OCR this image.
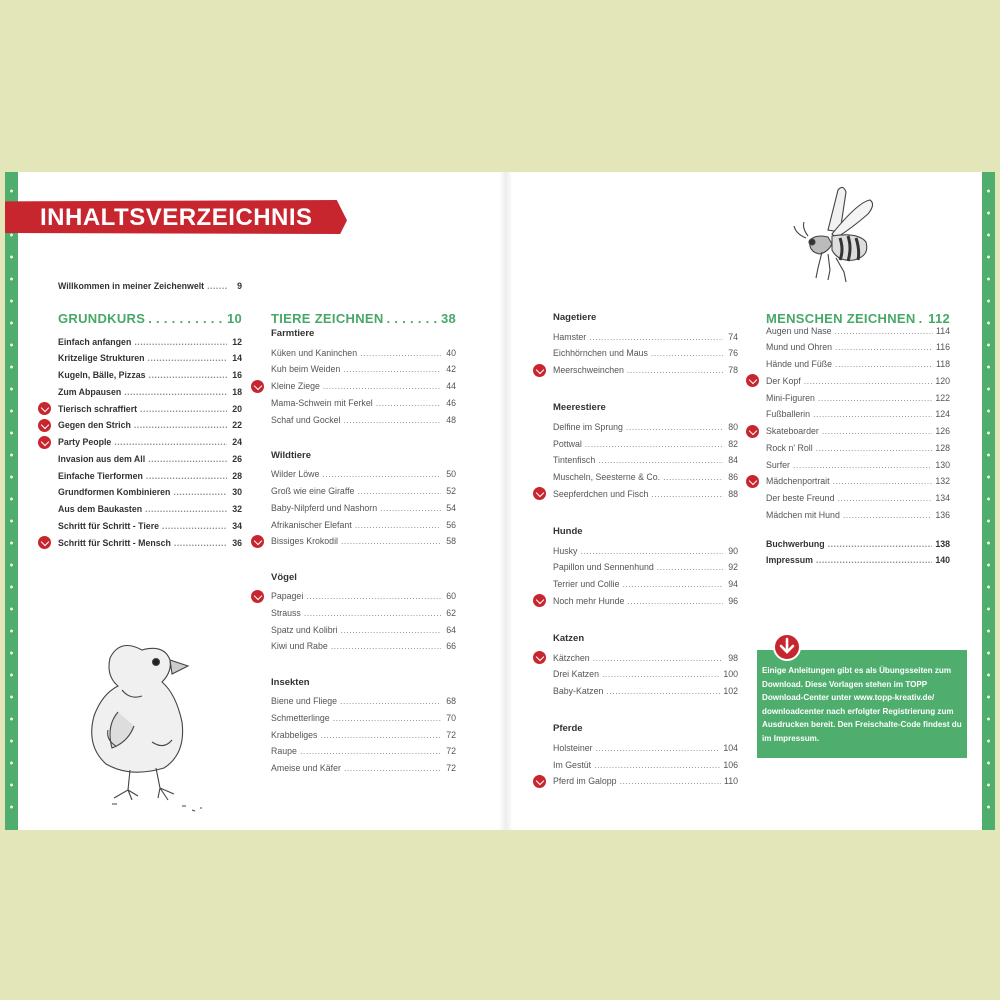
INHALTSVERZEICHNIS
Willkommen in meiner Zeichenwelt .....	9
GRUNDKURS . . .	10
Einfach anfangen .....	12
Kritzelige Strukturen .....	14
Kugeln, Bälle, Pizzas .....	16
Zum Abpausen .....	18
Tierisch schraffiert .....	20
Gegen den Strich .....	22
Party People .....	24
Invasion aus dem All .....	26
Einfache Tierformen .....	28
Grundformen Kombinieren .....	30
Aus dem Baukasten .....	32
Schritt für Schritt - Tiere .....	34
Schritt für Schritt - Mensch .....	36
TIERE ZEICHNEN . . .	38
Farmtiere
Küken und Kaninchen .....	40
Kuh beim Weiden .....	42
Kleine Ziege .....	44
Mama-Schwein mit Ferkel .....	46
Schaf und Gockel .....	48
Wildtiere
Wilder Löwe .....	50
Groß wie eine Giraffe .....	52
Baby-Nilpferd und Nashorn .....	54
Afrikanischer Elefant .....	56
Bissiges Krokodil .....	58
Vögel
Papagei .....	60
Strauss .....	62
Spatz und Kolibri .....	64
Kiwi und Rabe .....	66
Insekten
Biene und Fliege .....	68
Schmetterlinge .....	70
Krabbeliges .....	72
Raupe .....	72
Ameise und Käfer .....	72
Nagetiere
Hamster .....	74
Eichhörnchen und Maus .....	76
Meerschweinchen .....	78
Meerestiere
Delfine im Sprung .....	80
Pottwal .....	82
Tintenfisch .....	84
Muscheln, Seesterne & Co. .....	86
Seepferdchen und Fisch .....	88
Hunde
Husky .....	90
Papillon und Sennenhund .....	92
Terrier und Collie .....	94
Noch mehr Hunde .....	96
Katzen
Kätzchen .....	98
Drei Katzen .....	100
Baby-Katzen .....	102
Pferde
Holsteiner .....	104
Im Gestüt .....	106
Pferd im Galopp .....	110
MENSCHEN ZEICHNEN . . . 112
Augen und Nase .....	114
Mund und Ohren .....	116
Hände und Füße .....	118
Der Kopf .....	120
Mini-Figuren .....	122
Fußballerin .....	124
Skateboarder .....	126
Rock n' Roll .....	128
Surfer .....	130
Mädchenportrait .....	132
Der beste Freund .....	134
Mädchen mit Hund .....	136
Buchwerbung .....	138
Impressum .....	140
Einige Anleitungen gibt es als Übungsseiten zum Download. Diese Vorlagen stehen im TOPP Download-Center unter www.topp-kreativ.de/ downloadcenter nach erfolgter Registrierung zum Ausdrucken bereit. Den Freischalte-Code findest du im Impressum.
